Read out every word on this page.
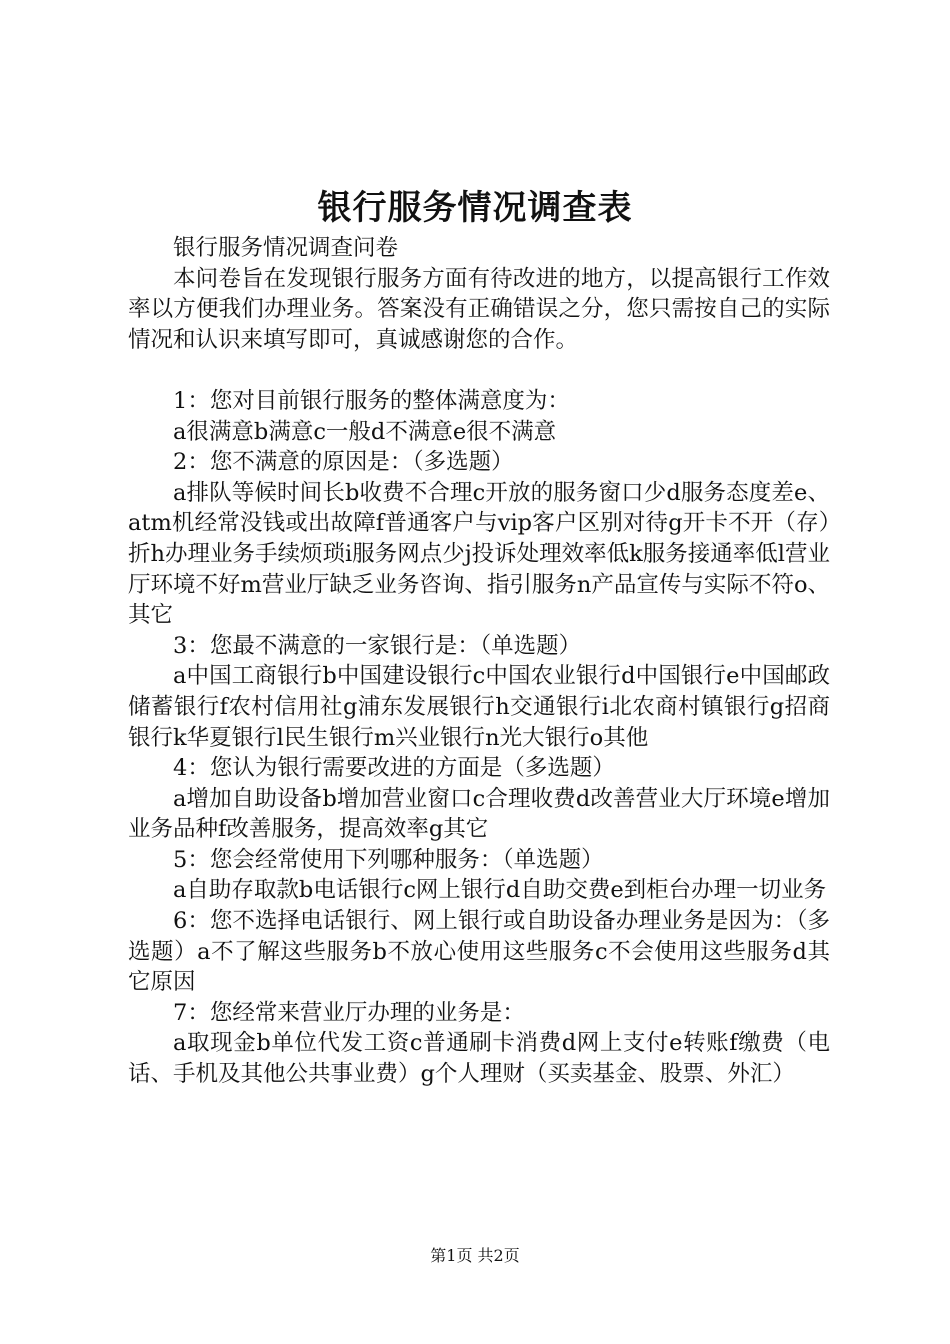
银行服务情况调查表

银行服务情况调查问卷

本问卷旨在发现银行服务方面有待改进的地方，以提高银行工作效率以方便我们办理业务。答案没有正确错误之分，您只需按自己的实际情况和认识来填写即可，真诚感谢您的合作。

1：您对目前银行服务的整体满意度为：

a很满意b满意c一般d不满意e很不满意

2：您不满意的原因是：（多选题）

a排队等候时间长b收费不合理c开放的服务窗口少d服务态度差e、atm机经常没钱或出故障f普通客户与vip客户区别对待g开卡不开（存）折h办理业务手续烦琐i服务网点少j投诉处理效率低k服务接通率低l营业厅环境不好m营业厅缺乏业务咨询、指引服务n产品宣传与实际不符o、其它

3：您最不满意的一家银行是：（单选题）

a中国工商银行b中国建设银行c中国农业银行d中国银行e中国邮政储蓄银行f农村信用社g浦东发展银行h交通银行i北农商村镇银行g招商银行k华夏银行l民生银行m兴业银行n光大银行o其他

4：您认为银行需要改进的方面是（多选题）

a增加自助设备b增加营业窗口c合理收费d改善营业大厅环境e增加业务品种f改善服务，提高效率g其它

5：您会经常使用下列哪种服务：（单选题）

a自助存取款b电话银行c网上银行d自助交费e到柜台办理一切业务

6：您不选择电话银行、网上银行或自助设备办理业务是因为：（多选题）a不了解这些服务b不放心使用这些服务c不会使用这些服务d其它原因

7：您经常来营业厅办理的业务是：

a取现金b单位代发工资c普通刷卡消费d网上支付e转账f缴费（电话、手机及其他公共事业费）g个人理财（买卖基金、股票、外汇）

第1页 共2页
